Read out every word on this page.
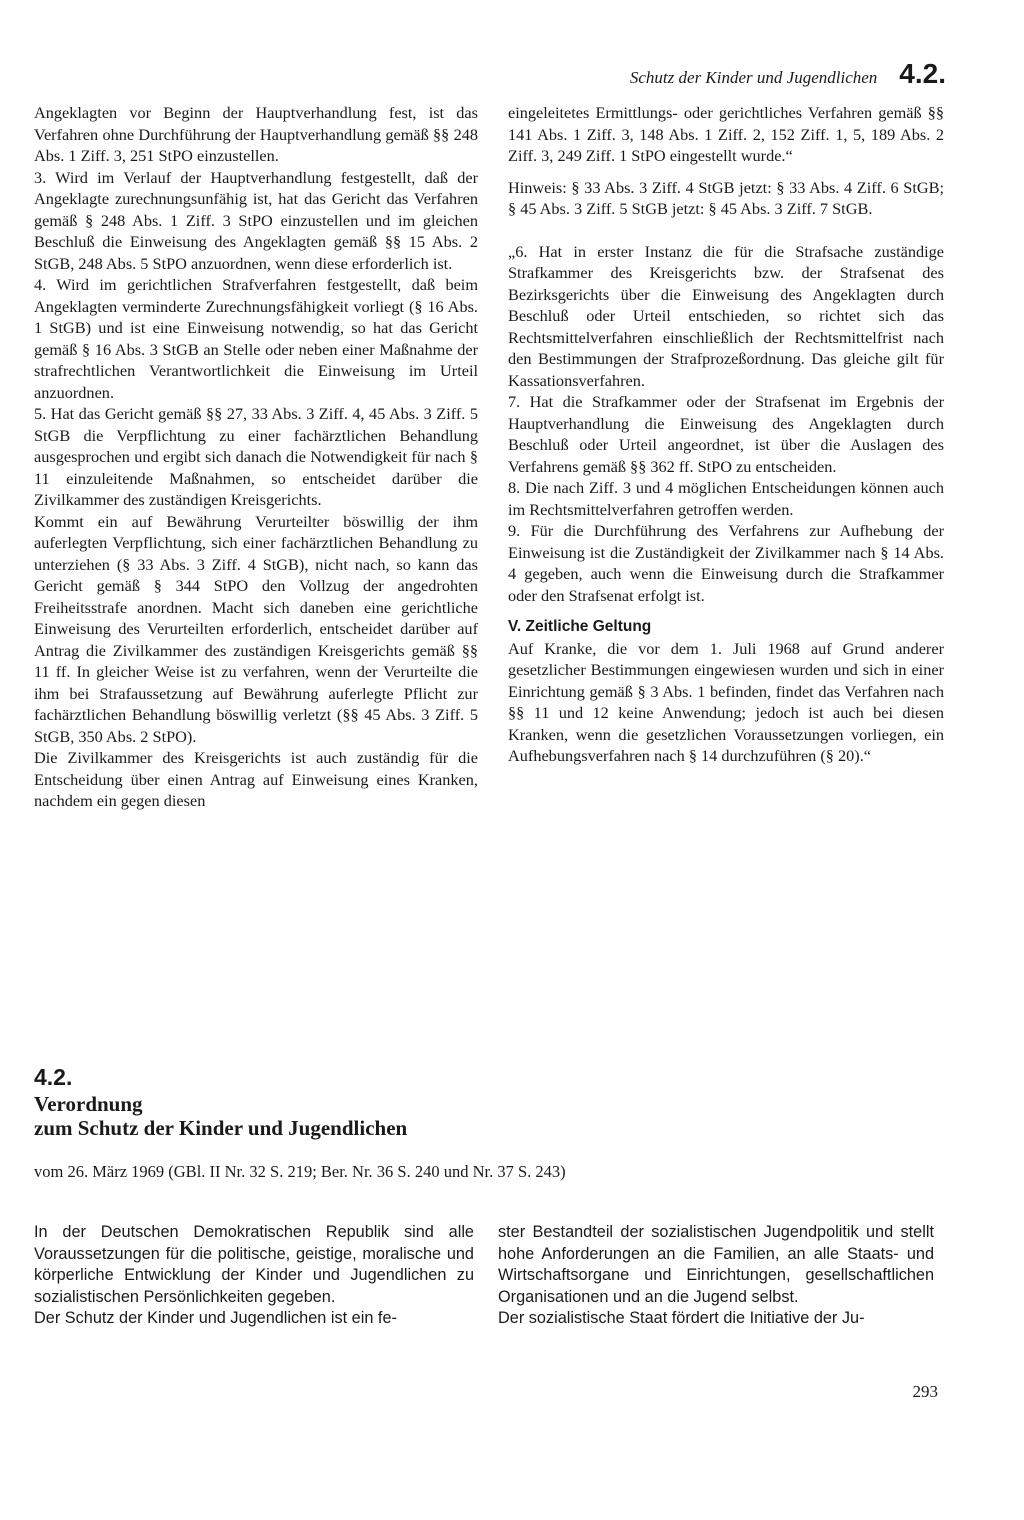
Schutz der Kinder und Jugendlichen 4.2.

Angeklagten vor Beginn der Hauptverhandlung fest, ist das Verfahren ohne Durchführung der Hauptverhandlung gemäß §§ 248 Abs. 1 Ziff. 3, 251 StPO einzustellen.

3. Wird im Verlauf der Hauptverhandlung festgestellt, daß der Angeklagte zurechnungsunfähig ist, hat das Gericht das Verfahren gemäß § 248 Abs. 1 Ziff. 3 StPO einzustellen und im gleichen Beschluß die Einweisung des Angeklagten gemäß §§ 15 Abs. 2 StGB, 248 Abs. 5 StPO anzuordnen, wenn diese erforderlich ist.

4. Wird im gerichtlichen Strafverfahren festgestellt, daß beim Angeklagten verminderte Zurechnungsfähigkeit vorliegt (§ 16 Abs. 1 StGB) und ist eine Einweisung notwendig, so hat das Gericht gemäß § 16 Abs. 3 StGB an Stelle oder neben einer Maßnahme der strafrechtlichen Verantwortlichkeit die Einweisung im Urteil anzuordnen.

5. Hat das Gericht gemäß §§ 27, 33 Abs. 3 Ziff. 4, 45 Abs. 3 Ziff. 5 StGB die Verpflichtung zu einer fachärztlichen Behandlung ausgesprochen und ergibt sich danach die Notwendigkeit für nach § 11 einzuleitende Maßnahmen, so entscheidet darüber die Zivilkammer des zuständigen Kreisgerichts.

Kommt ein auf Bewährung Verurteilter böswillig der ihm auferlegten Verpflichtung, sich einer fachärztlichen Behandlung zu unterziehen (§ 33 Abs. 3 Ziff. 4 StGB), nicht nach, so kann das Gericht gemäß § 344 StPO den Vollzug der angedrohten Freiheitsstrafe anordnen. Macht sich daneben eine gerichtliche Einweisung des Verurteilten erforderlich, entscheidet darüber auf Antrag die Zivilkammer des zuständigen Kreisgerichts gemäß §§ 11 ff. In gleicher Weise ist zu verfahren, wenn der Verurteilte die ihm bei Strafaussetzung auf Bewährung auferlegte Pflicht zur fachärztlichen Behandlung böswillig verletzt (§§ 45 Abs. 3 Ziff. 5 StGB, 350 Abs. 2 StPO).

Die Zivilkammer des Kreisgerichts ist auch zuständig für die Entscheidung über einen Antrag auf Einweisung eines Kranken, nachdem ein gegen diesen

eingeleitetes Ermittlungs- oder gerichtliches Verfahren gemäß §§ 141 Abs. 1 Ziff. 3, 148 Abs. 1 Ziff. 2, 152 Ziff. 1, 5, 189 Abs. 2 Ziff. 3, 249 Ziff. 1 StPO eingestellt wurde.“

Hinweis: § 33 Abs. 3 Ziff. 4 StGB jetzt: § 33 Abs. 4 Ziff. 6 StGB; § 45 Abs. 3 Ziff. 5 StGB jetzt: § 45 Abs. 3 Ziff. 7 StGB.

„6. Hat in erster Instanz die für die Strafsache zuständige Strafkammer des Kreisgerichts bzw. der Strafsenat des Bezirksgerichts über die Einweisung des Angeklagten durch Beschluß oder Urteil entschieden, so richtet sich das Rechtsmittelverfahren einschließlich der Rechtsmittelfrist nach den Bestimmungen der Strafprozeßordnung. Das gleiche gilt für Kassationsverfahren.

7. Hat die Strafkammer oder der Strafsenat im Ergebnis der Hauptverhandlung die Einweisung des Angeklagten durch Beschluß oder Urteil angeordnet, ist über die Auslagen des Verfahrens gemäß §§ 362 ff. StPO zu entscheiden.

8. Die nach Ziff. 3 und 4 möglichen Entscheidungen können auch im Rechtsmittelverfahren getroffen werden.

9. Für die Durchführung des Verfahrens zur Aufhebung der Einweisung ist die Zuständigkeit der Zivilkammer nach § 14 Abs. 4 gegeben, auch wenn die Einweisung durch die Strafkammer oder den Strafsenat erfolgt ist.

V. Zeitliche Geltung

Auf Kranke, die vor dem 1. Juli 1968 auf Grund anderer gesetzlicher Bestimmungen eingewiesen wurden und sich in einer Einrichtung gemäß § 3 Abs. 1 befinden, findet das Verfahren nach §§ 11 und 12 keine Anwendung; jedoch ist auch bei diesen Kranken, wenn die gesetzlichen Voraussetzungen vorliegen, ein Aufhebungsverfahren nach § 14 durchzuführen (§ 20).“

4.2.
Verordnung
zum Schutz der Kinder und Jugendlichen
vom 26. März 1969 (GBl. II Nr. 32 S. 219; Ber. Nr. 36 S. 240 und Nr. 37 S. 243)

In der Deutschen Demokratischen Republik sind alle Voraussetzungen für die politische, geistige, moralische und körperliche Entwicklung der Kinder und Jugendlichen zu sozialistischen Persönlichkeiten gegeben.

Der Schutz der Kinder und Jugendlichen ist ein fe-

ster Bestandteil der sozialistischen Jugendpolitik und stellt hohe Anforderungen an die Familien, an alle Staats- und Wirtschaftsorgane und Einrichtungen, gesellschaftlichen Organisationen und an die Jugend selbst.

Der sozialistische Staat fördert die Initiative der Ju-

293
